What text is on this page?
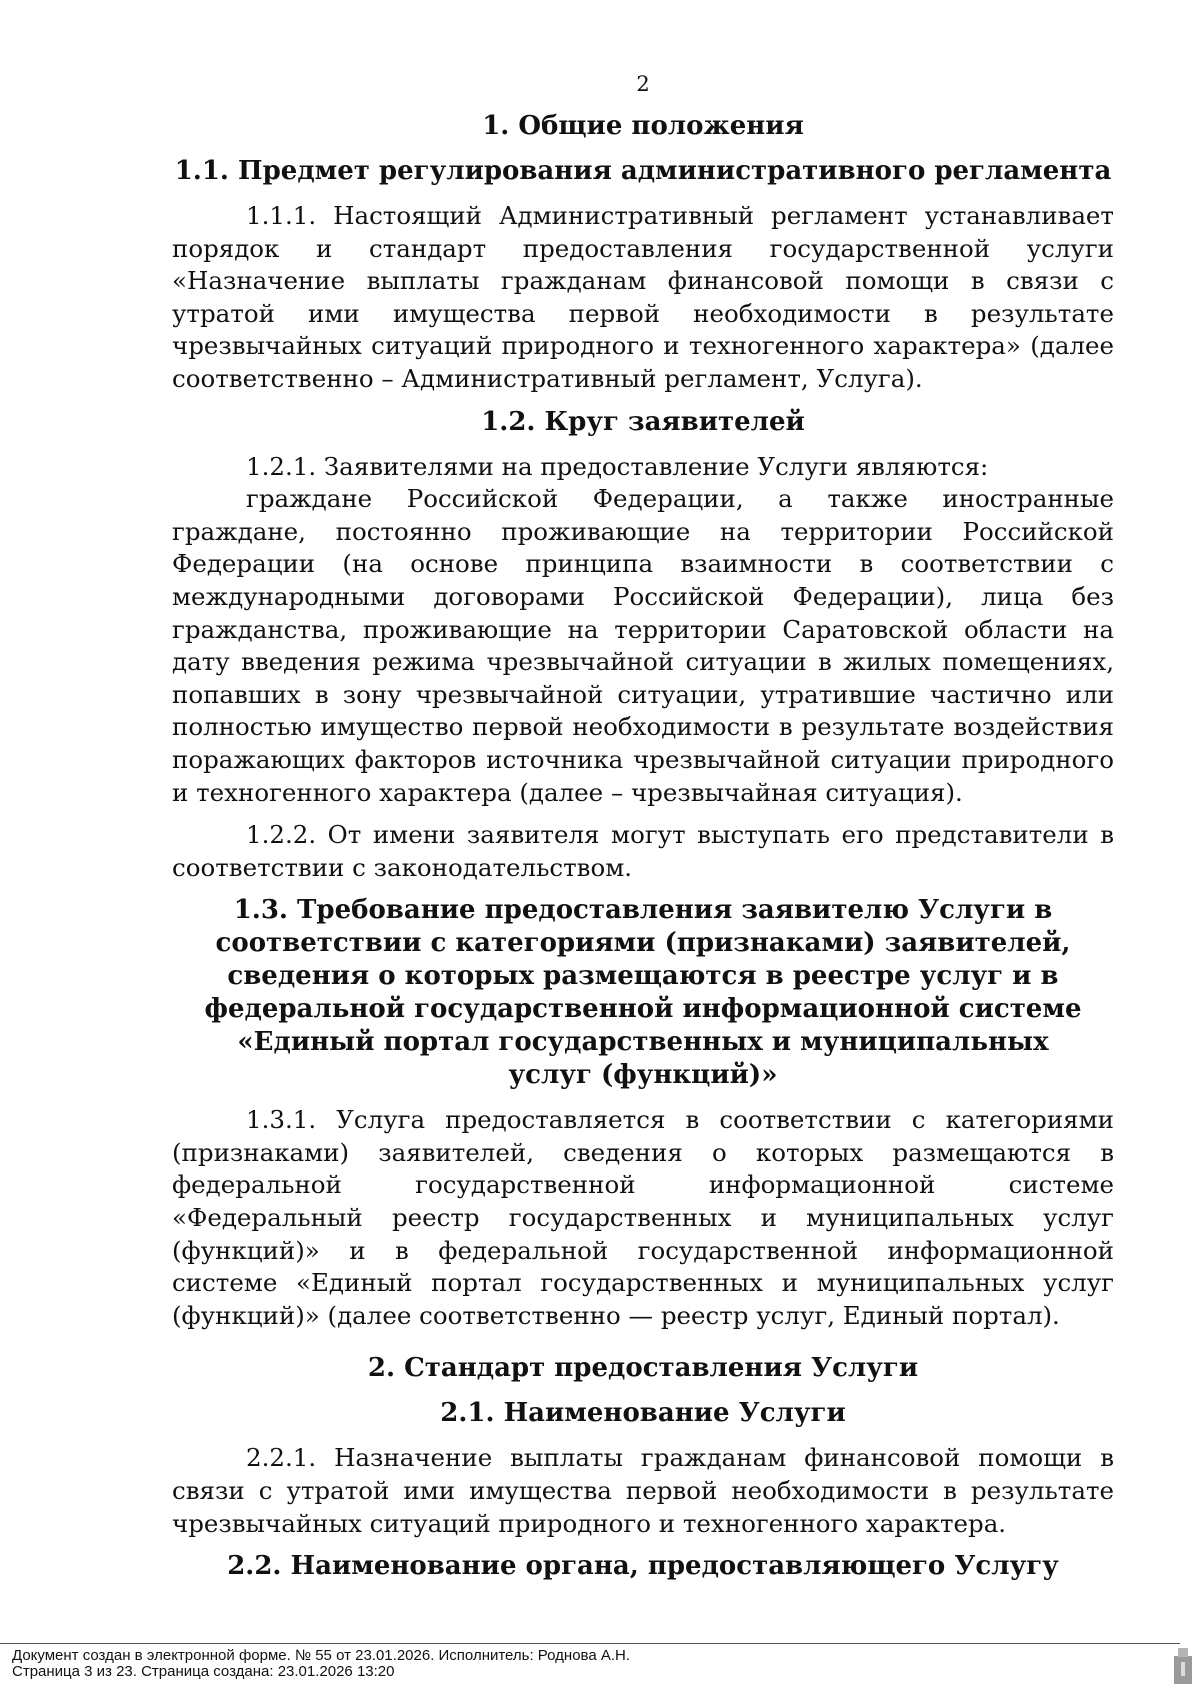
2
1. Общие положения
1.1. Предмет регулирования административного регламента

1.1.1. Настоящий Административный регламент устанавливает порядок и стандарт предоставления государственной услуги «Назначение выплаты гражданам финансовой помощи в связи с утратой ими имущества первой необходимости в результате чрезвычайных ситуаций природного и техногенного характера» (далее соответственно – Административный регламент, Услуга).

1.2. Круг заявителей

1.2.1. Заявителями на предоставление Услуги являются:

граждане Российской Федерации, а также иностранные граждане, постоянно проживающие на территории Российской Федерации (на основе принципа взаимности в соответствии с международными договорами Российской Федерации), лица без гражданства, проживающие на территории Саратовской области на дату введения режима чрезвычайной ситуации в жилых помещениях, попавших в зону чрезвычайной ситуации, утратившие частично или полностью имущество первой необходимости в результате воздействия поражающих факторов источника чрезвычайной ситуации природного и техногенного характера (далее – чрезвычайная ситуация).

1.2.2. От имени заявителя могут выступать его представители в соответствии с законодательством.

1.3. Требование предоставления заявителю Услуги в соответствии с категориями (признаками) заявителей, сведения о которых размещаются в реестре услуг и в федеральной государственной информационной системе «Единый портал государственных и муниципальных услуг (функций)»

1.3.1. Услуга предоставляется в соответствии с категориями (признаками) заявителей, сведения о которых размещаются в федеральной государственной информационной системе «Федеральный реестр государственных и муниципальных услуг (функций)» и в федеральной государственной информационной системе «Единый портал государственных и муниципальных услуг (функций)» (далее соответственно — реестр услуг, Единый портал).

2. Стандарт предоставления Услуги
2.1. Наименование Услуги

2.2.1. Назначение выплаты гражданам финансовой помощи в связи с утратой ими имущества первой необходимости в результате чрезвычайных ситуаций природного и техногенного характера.

2.2. Наименование органа, предоставляющего Услугу
Документ создан в электронной форме. № 55 от 23.01.2026. Исполнитель: Роднова А.Н.
Страница 3 из 23. Страница создана: 23.01.2026 13:20
